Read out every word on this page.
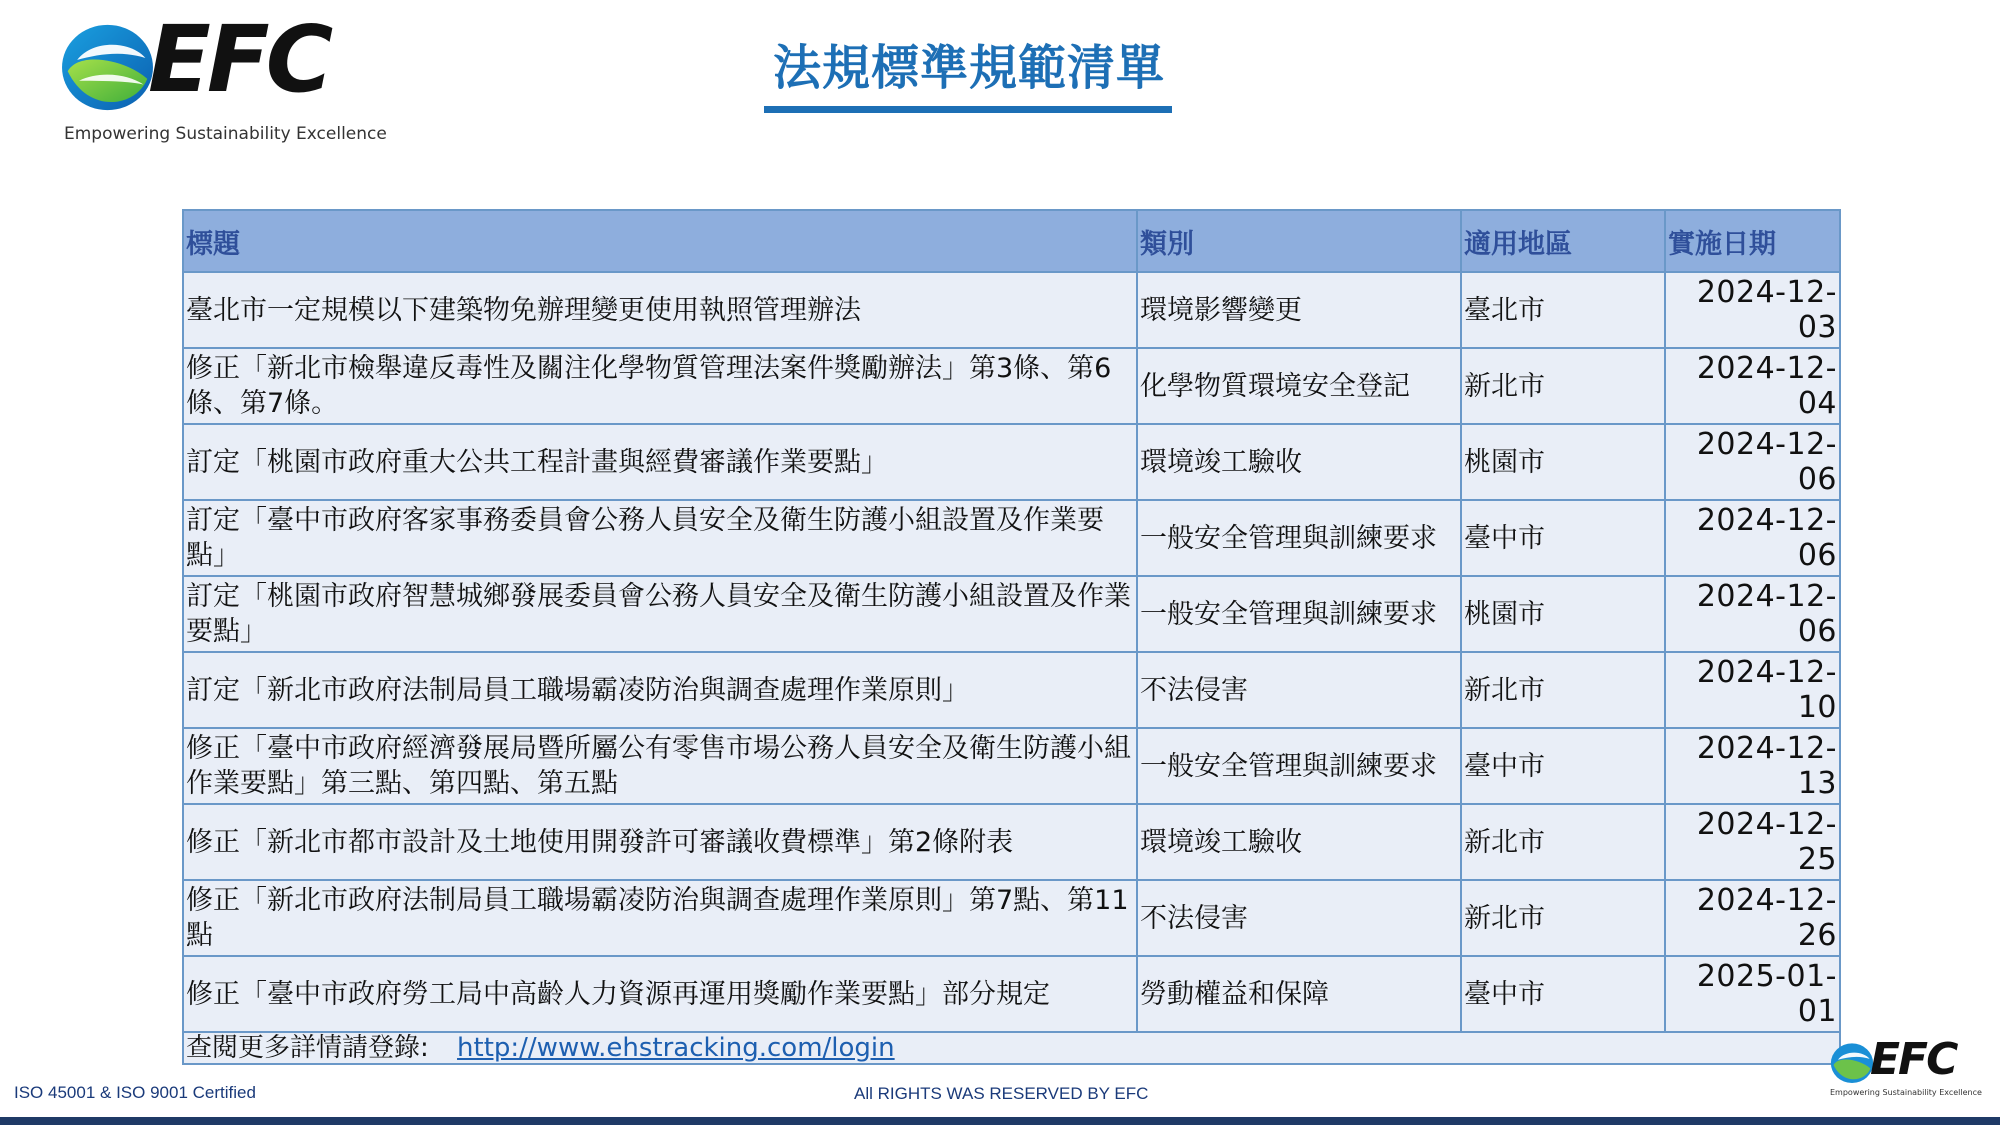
EFC
Empowering Sustainability Excellence
法規標準規範清單
標題	類別	適用地區	實施日期
臺北市一定規模以下建築物免辦理變更使用執照管理辦法	環境影響變更	臺北市	2024-12-03
修正「新北市檢舉違反毒性及關注化學物質管理法案件獎勵辦法」第3條、第6條、第7條。	化學物質環境安全登記	新北市	2024-12-04
訂定「桃園市政府重大公共工程計畫與經費審議作業要點」	環境竣工驗收	桃園市	2024-12-06
訂定「臺中市政府客家事務委員會公務人員安全及衛生防護小組設置及作業要點」	一般安全管理與訓練要求	臺中市	2024-12-06
訂定「桃園市政府智慧城鄉發展委員會公務人員安全及衛生防護小組設置及作業要點」	一般安全管理與訓練要求	桃園市	2024-12-06
訂定「新北市政府法制局員工職場霸凌防治與調查處理作業原則」	不法侵害	新北市	2024-12-10
修正「臺中市政府經濟發展局暨所屬公有零售市場公務人員安全及衛生防護小組作業要點」第三點、第四點、第五點	一般安全管理與訓練要求	臺中市	2024-12-13
修正「新北市都市設計及土地使用開發許可審議收費標準」第2條附表	環境竣工驗收	新北市	2024-12-25
修正「新北市政府法制局員工職場霸凌防治與調查處理作業原則」第7點、第11點	不法侵害	新北市	2024-12-26
修正「臺中市政府勞工局中高齡人力資源再運用獎勵作業要點」部分規定	勞動權益和保障	臺中市	2025-01-01
查閱更多詳情請登錄: http://www.ehstracking.com/login			
ISO 45001 & ISO 9001 Certified	All RIGHTS WAS RESERVED BY EFC
EFC
Empowering Sustainability Excellence
